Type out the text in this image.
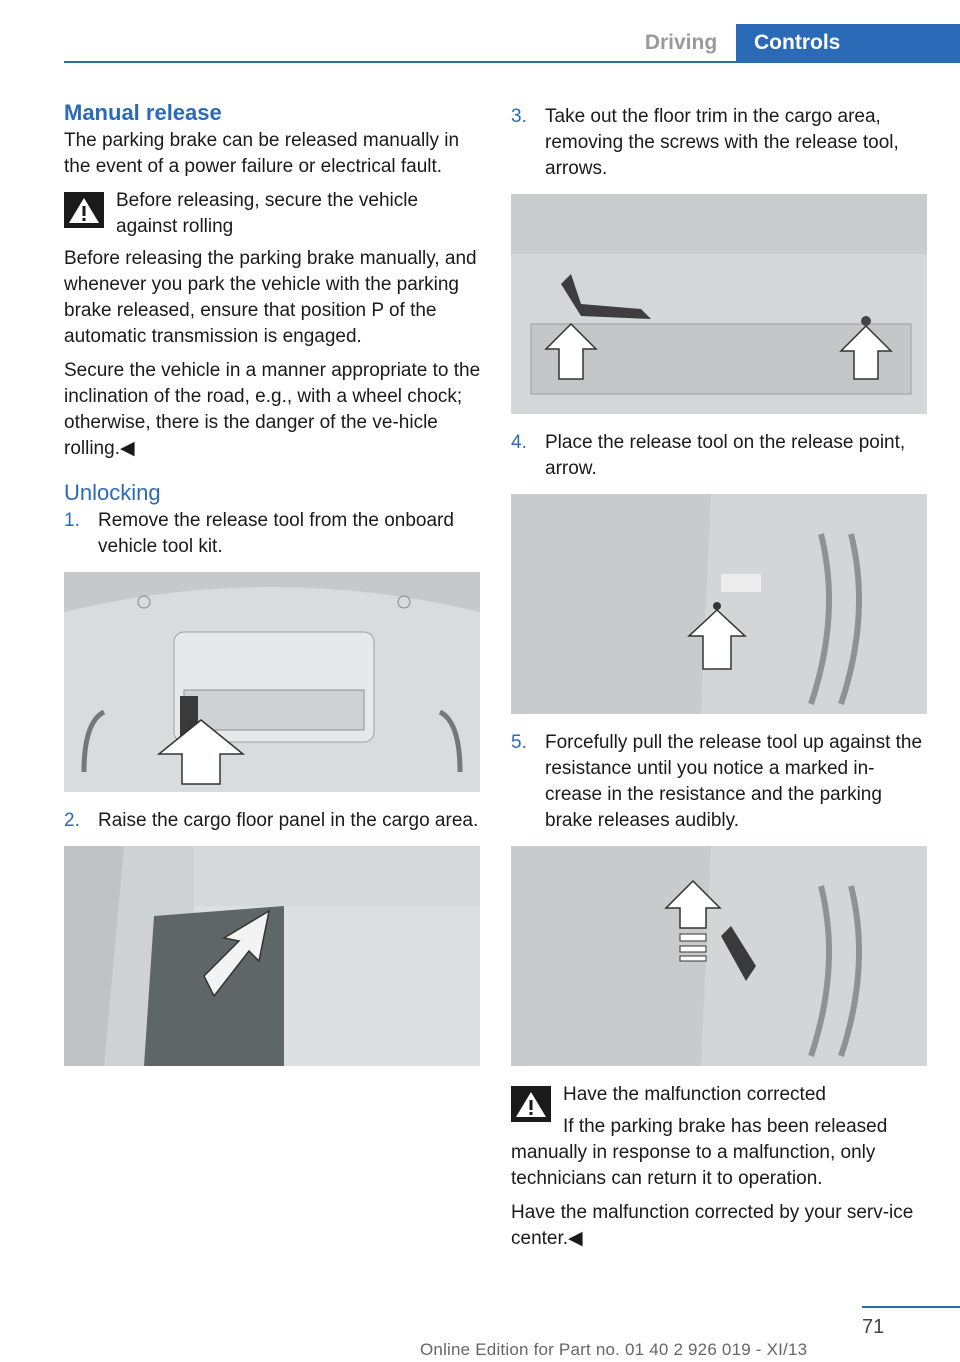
Driving	Controls
Manual release

The parking brake can be released manually in the event of a power failure or electrical fault.

Before releasing, secure the vehicle against rolling

Before releasing the parking brake manually, and whenever you park the vehicle with the parking brake released, ensure that position P of the automatic transmission is engaged.

Secure the vehicle in a manner appropriate to the inclination of the road, e.g., with a wheel chock; otherwise, there is the danger of the ve‐hicle rolling.◀

Unlocking
1. Remove the release tool from the onboard vehicle tool kit.
2. Raise the cargo floor panel in the cargo area.
3. Take out the floor trim in the cargo area, removing the screws with the release tool, arrows.
4. Place the release tool on the release point, arrow.
5. Forcefully pull the release tool up against the resistance until you notice a marked in‐crease in the resistance and the parking brake releases audibly.

Have the malfunction corrected

If the parking brake has been released manually in response to a malfunction, only technicians can return it to operation.

Have the malfunction corrected by your serv‐ice center.◀

71
Online Edition for Part no. 01 40 2 926 019 - XI/13
